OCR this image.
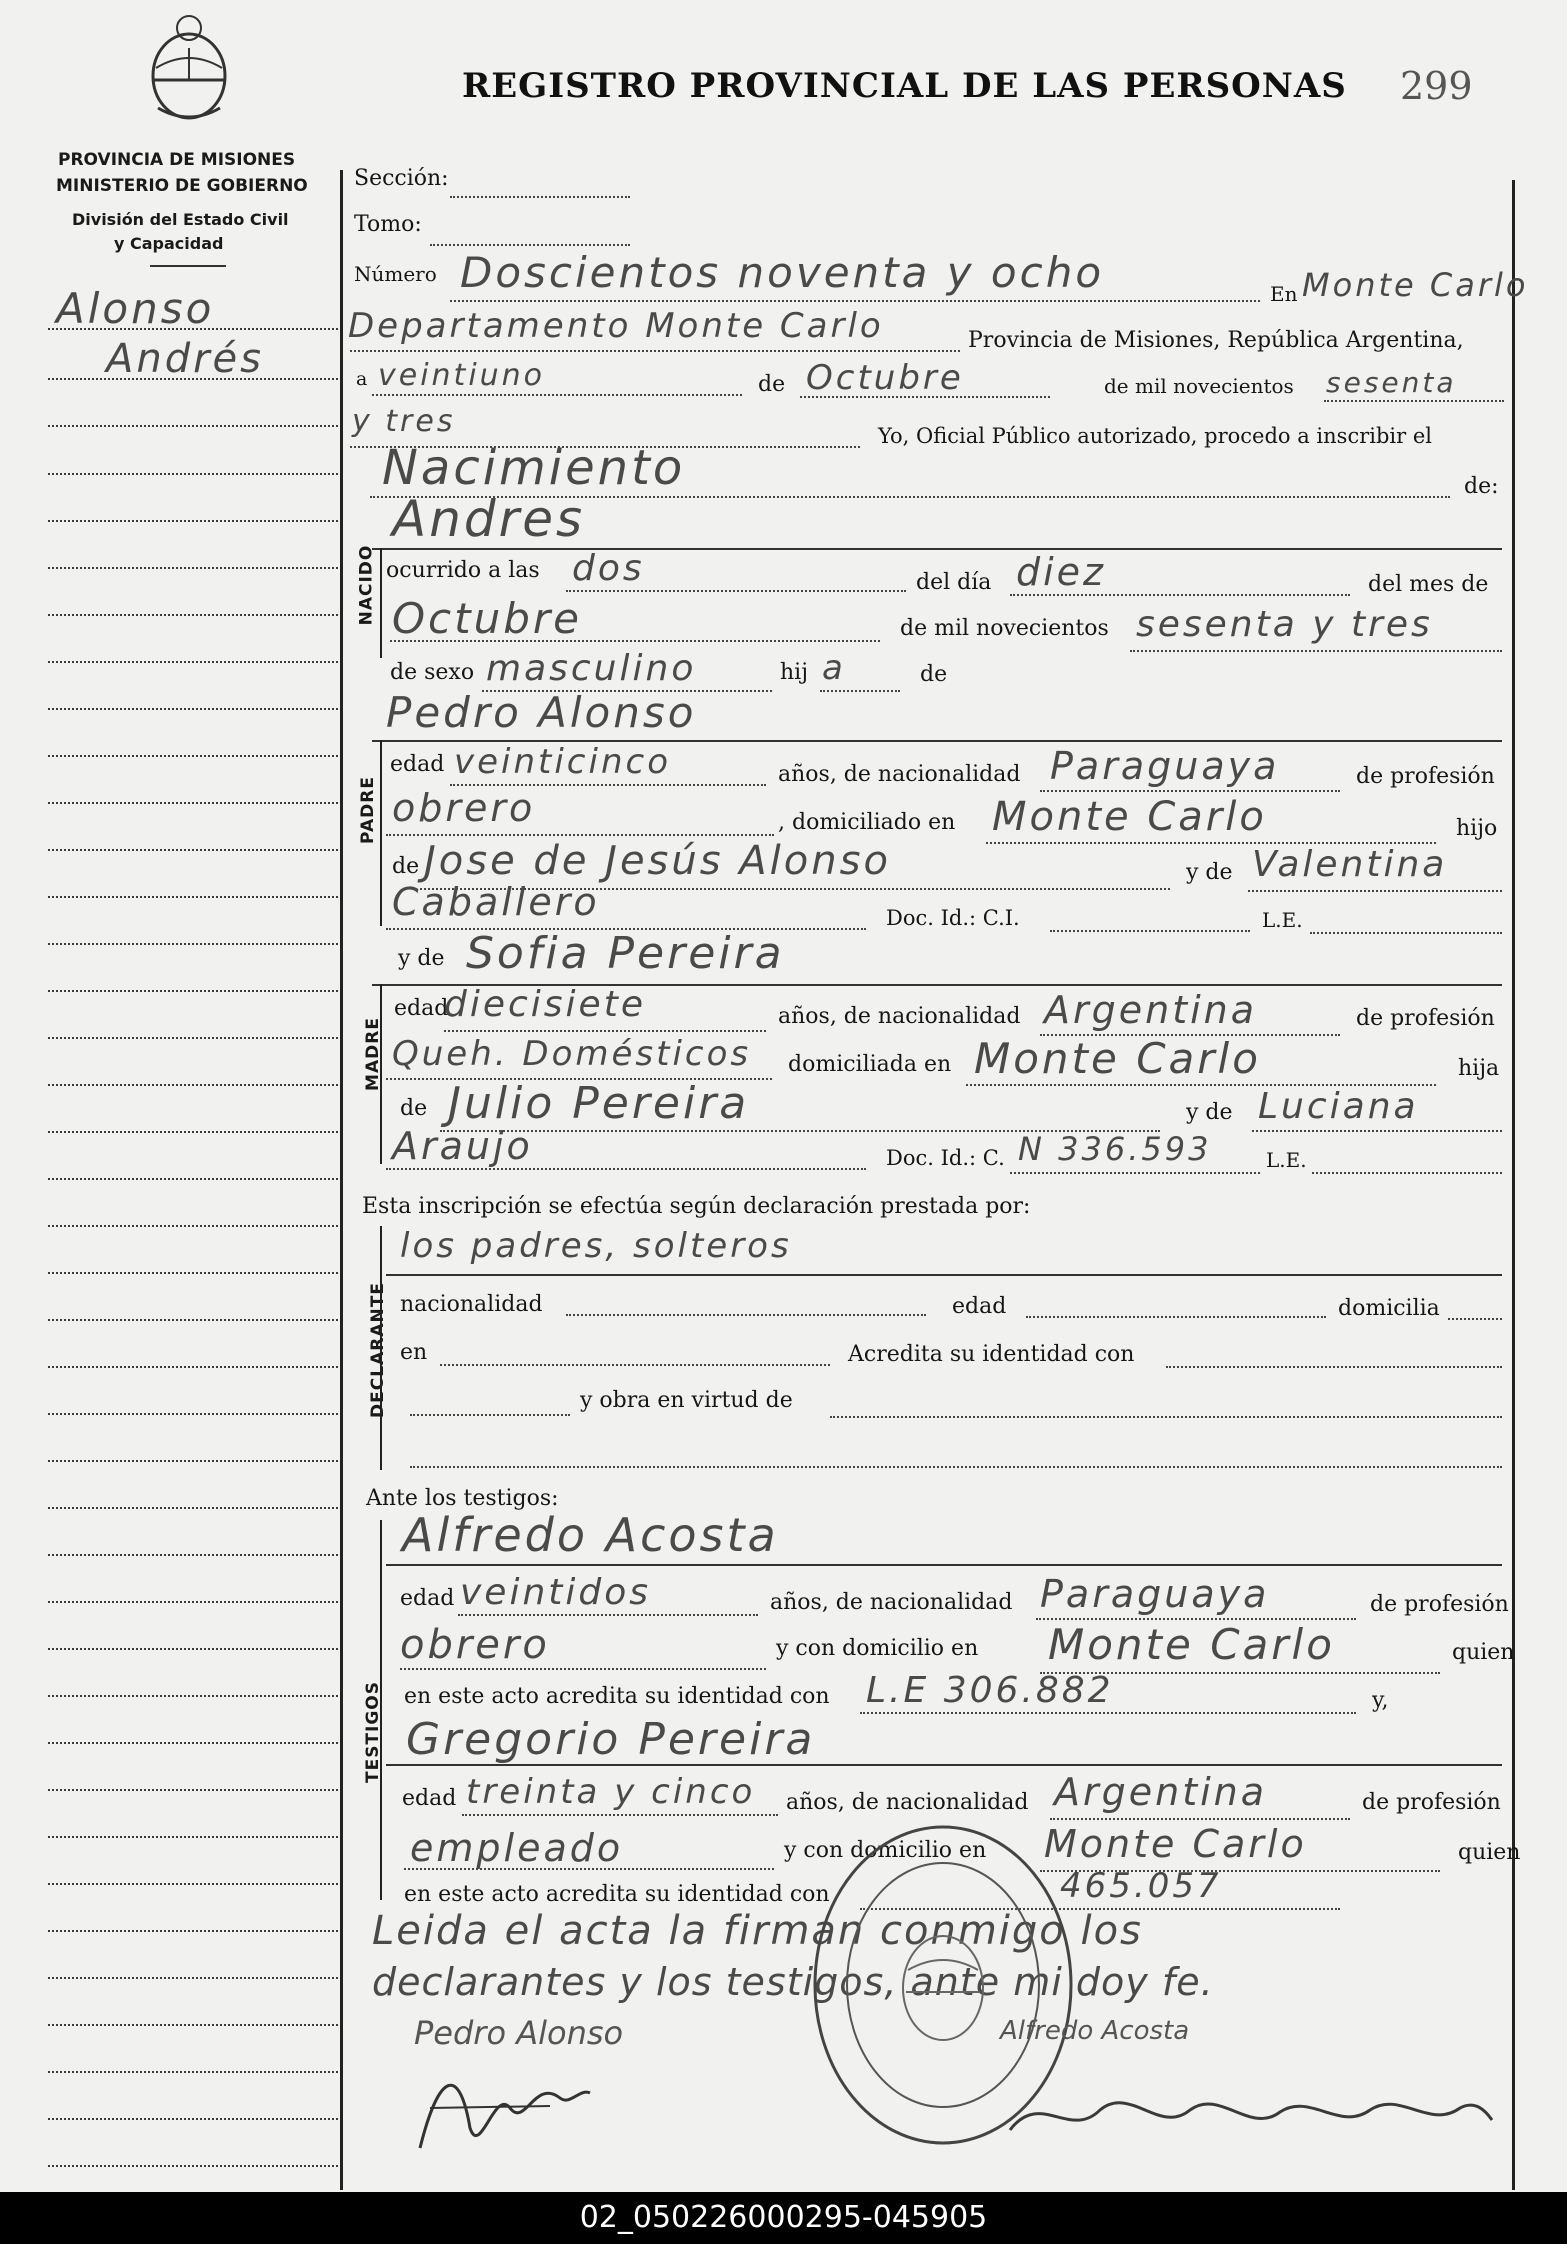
PROVINCIA DE MISIONES
MINISTERIO DE GOBIERNO
División del Estado Civil
y Capacidad
REGISTRO PROVINCIAL DE LAS PERSONAS 299
Alonso
Andrés
Sección:
Tomo:
Número Doscientos noventa y ocho	En Monte Carlo
Departamento Monte Carlo	Provincia de Misiones, República Argentina,
a veintiuno	de Octubre	de mil novecientos sesenta
y tres	Yo, Oficial Público autorizado, procedo a inscribir el
Nacimiento	de:
Andres
NACIDO ocurrido a las dos	del día diez	del mes de
Octubre	de mil novecientos sesenta y tres
de sexo masculino	hij a	de
Pedro Alonso
PADRE
edad veinticinco	años, de nacionalidad Paraguaya	de profesión
obrero	, domiciliado en Monte Carlo	hijo
de Jose de Jesús Alonso	y de Valentina
Caballero	Doc. Id.: C.I.	L.E.
y de Sofia Pereira
MADRE
edad
diecisiete	años, de nacionalidad Argentina	de profesión
Queh. Domésticos domiciliada en Monte Carlo	hija
de Julio Pereira	y de Luciana
Araujo	Doc. Id.: C. N 336.593	L.E.
Esta inscripción se efectúa según declaración prestada por:
DECLARANTE
los padres, solteros
nacionalidad	edad	domicilia
en	Acredita su identidad con
y obra en virtud de
Ante los testigos:
TESTIGOS
Alfredo Acosta
edad veintidos	años, de nacionalidad Paraguaya	de profesión
obrero	y con domicilio en Monte Carlo	quien
en este acto acredita su identidad con L.E 306.882	y,
Gregorio Pereira
edad treinta y cinco años, de nacionalidad Argentina	de profesión
empleado	y con domicilio en Monte Carlo	quien
en este acto acredita su identidad con	465.057
Leida el acta la firman conmigo los
declarantes y los testigos, ante mi doy fe.
Pedro Alonso	Alfredo Acosta
02_050226000295-045905
